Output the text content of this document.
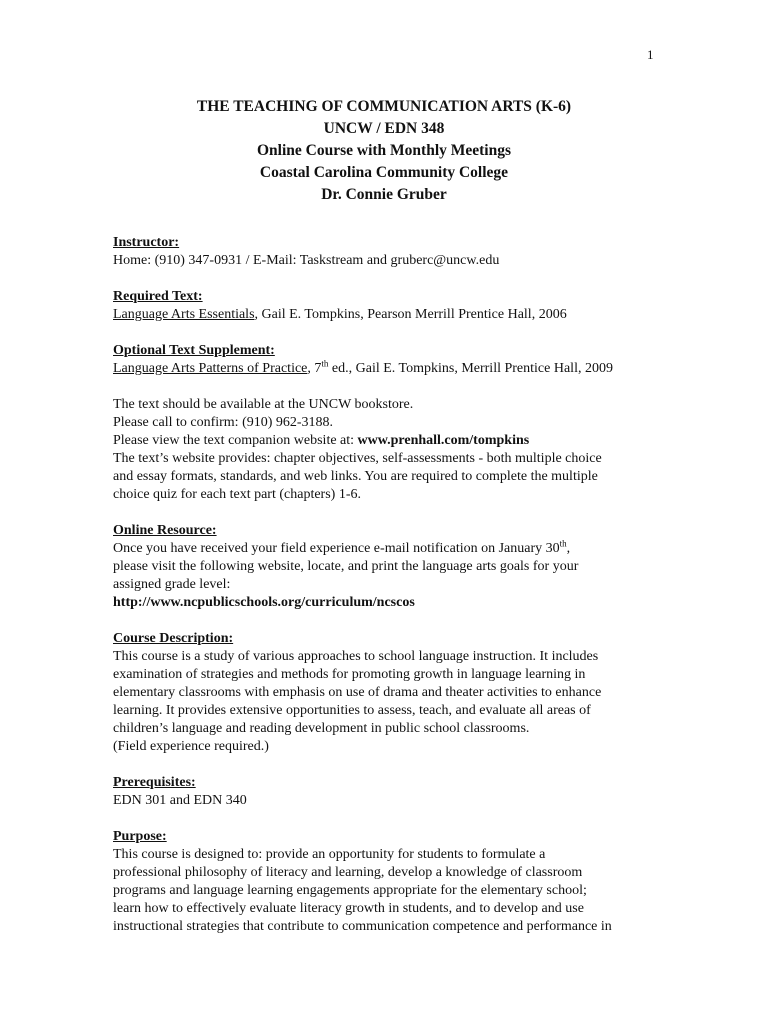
1
THE TEACHING OF COMMUNICATION ARTS (K-6)
UNCW / EDN 348
Online Course with Monthly Meetings
Coastal Carolina Community College
Dr. Connie Gruber

Instructor:

Home: (910) 347-0931 / E-Mail: Taskstream and gruberc@uncw.edu

Required Text:

Language Arts Essentials, Gail E. Tompkins, Pearson Merrill Prentice Hall, 2006

Optional Text Supplement:

Language Arts Patterns of Practice, 7th ed., Gail E. Tompkins, Merrill Prentice Hall, 2009

The text should be available at the UNCW bookstore.

Please call to confirm: (910) 962-3188.

Please view the text companion website at: www.prenhall.com/tompkins

The text’s website provides: chapter objectives, self-assessments - both multiple choice

and essay formats, standards, and web links. You are required to complete the multiple

choice quiz for each text part (chapters) 1-6.

Online Resource:

Once you have received your field experience e-mail notification on January 30th,

please visit the following website, locate, and print the language arts goals for your

assigned grade level:

http://www.ncpublicschools.org/curriculum/ncscos

Course Description:

This course is a study of various approaches to school language instruction. It includes

examination of strategies and methods for promoting growth in language learning in

elementary classrooms with emphasis on use of drama and theater activities to enhance

learning. It provides extensive opportunities to assess, teach, and evaluate all areas of

children’s language and reading development in public school classrooms.

(Field experience required.)

Prerequisites:

EDN 301 and EDN 340

Purpose:

This course is designed to: provide an opportunity for students to formulate a

professional philosophy of literacy and learning, develop a knowledge of classroom

programs and language learning engagements appropriate for the elementary school;

learn how to effectively evaluate literacy growth in students, and to develop and use

instructional strategies that contribute to communication competence and performance in
